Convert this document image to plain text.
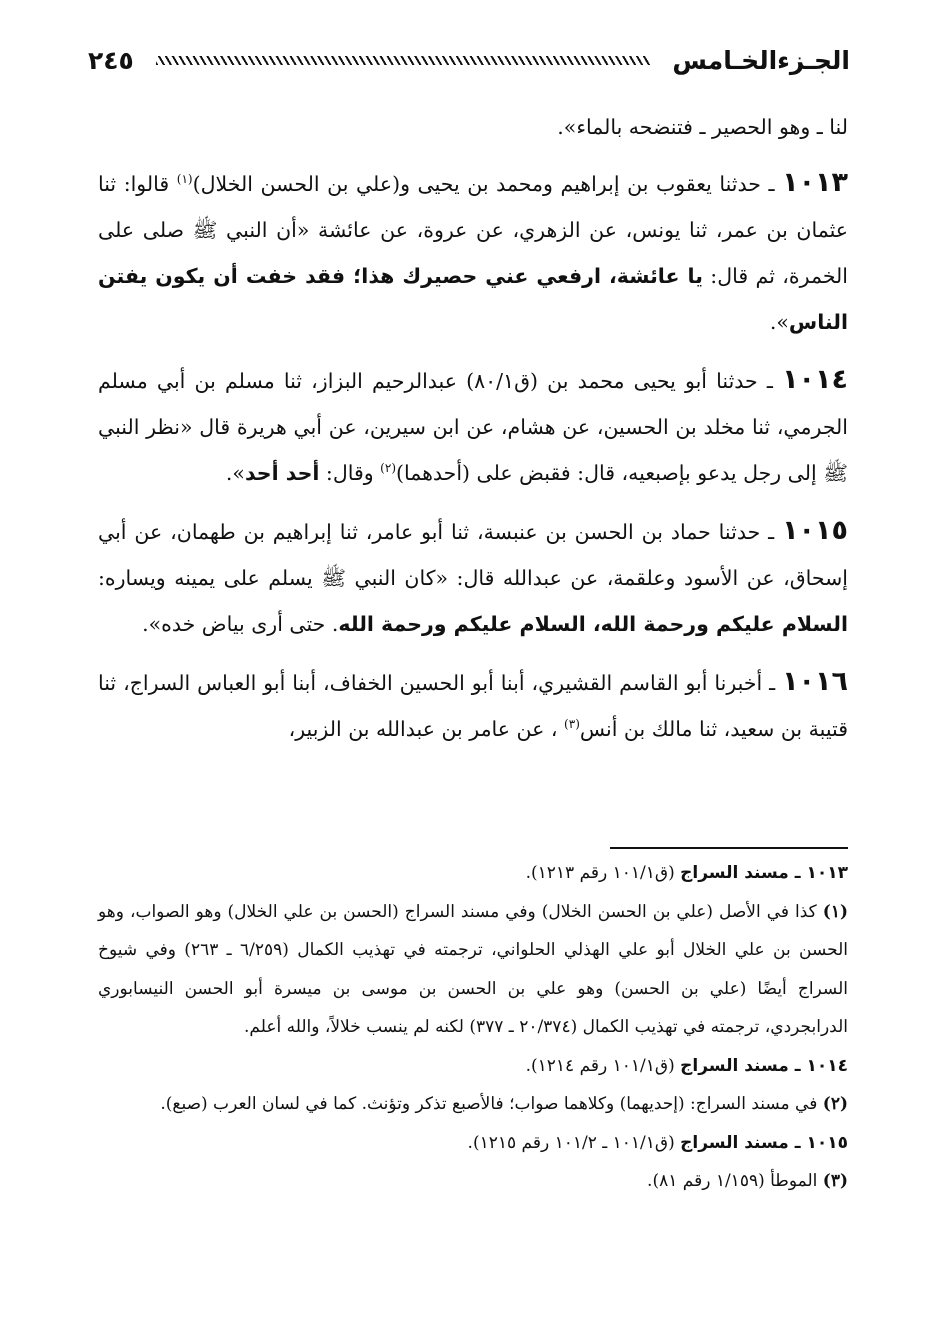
الجـزءالخـامس
٢٤٥

لنا ـ وهو الحصير ـ فتنضحه بالماء».

١٠١٣ ـ حدثنا يعقوب بن إبراهيم ومحمد بن يحيى و(علي بن الحسن الخلال)$^{(١)}$ قالوا: ثنا عثمان بن عمر، ثنا يونس، عن الزهري، عن عروة، عن عائشة «أن النبي ﷺ صلى على الخمرة، ثم قال: يا عائشة، ارفعي عني حصيرك هذا؛ فقد خفت أن يكون يفتن الناس».

١٠١٤ ـ حدثنا أبو يحيى محمد بن (ق٨٠/١) عبدالرحيم البزاز، ثنا مسلم بن أبي مسلم الجرمي، ثنا مخلد بن الحسين، عن هشام، عن ابن سيرين، عن أبي هريرة قال «نظر النبي ﷺ إلى رجل يدعو بإصبعيه، قال: فقبض على (أحدهما)$^{(٢)}$ وقال: أحد أحد».

١٠١٥ ـ حدثنا حماد بن الحسن بن عنبسة، ثنا أبو عامر، ثنا إبراهيم بن طهمان، عن أبي إسحاق، عن الأسود وعلقمة، عن عبدالله قال: «كان النبي ﷺ يسلم على يمينه ويساره: السلام عليكم ورحمة الله، السلام عليكم ورحمة الله. حتى أرى بياض خده».

١٠١٦ ـ أخبرنا أبو القاسم القشيري، أبنا أبو الحسين الخفاف، أبنا أبو العباس السراج، ثنا قتيبة بن سعيد، ثنا مالك بن أنس$^{(٣)}$ ، عن عامر بن عبدالله بن الزبير،

١٠١٣ ـ مسند السراج (ق١٠١/١ رقم ١٢١٣).

(١) كذا في الأصل (علي بن الحسن الخلال) وفي مسند السراج (الحسن بن علي الخلال) وهو الصواب، وهو الحسن بن علي الخلال أبو علي الهذلي الحلواني، ترجمته في تهذيب الكمال (٦/٢٥٩ ـ ٢٦٣) وفي شيوخ السراج أيضًا (علي بن الحسن) وهو علي بن الحسن بن موسى بن ميسرة أبو الحسن النيسابوري الدرابجردي، ترجمته في تهذيب الكمال (٢٠/٣٧٤ ـ ٣٧٧) لكنه لم ينسب خلالاً، والله أعلم.

١٠١٤ ـ مسند السراج (ق١٠١/١ رقم ١٢١٤).

(٢) في مسند السراج: (إحديهما) وكلاهما صواب؛ فالأصبع تذكر وتؤنث. كما في لسان العرب (صبع).

١٠١٥ ـ مسند السراج (ق١٠١/١ ـ ١٠١/٢ رقم ١٢١٥).

(٣) الموطأ (١/١٥٩ رقم ٨١).
